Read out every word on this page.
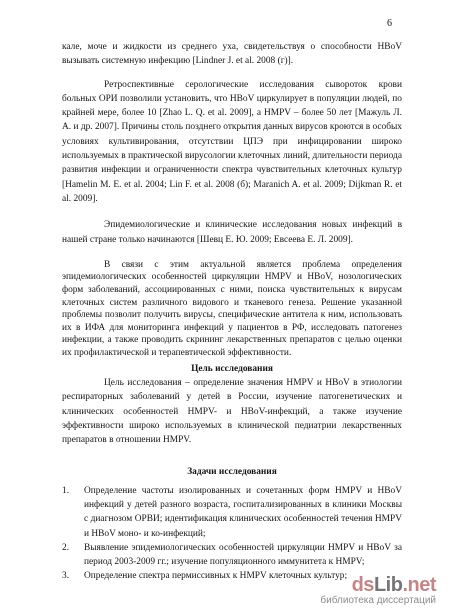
6

кале, моче и жидкости из среднего уха, свидетельствуя о способности HBoV вызывать системную инфекцию [Lindner J. et al. 2008 (г)].

Ретроспективные серологические исследования сывороток крови больных ОРИ позволили установить, что HBoV циркулирует в популяции людей, по крайней мере, более 10 [Zhao L. Q. et al. 2009], а HMPV – более 50 лет [Мажуль Л. А. и др. 2007]. Причины столь позднего открытия данных вирусов кроются в особых условиях культивирования, отсутствии ЦПЭ при инфицировании широко используемых в практической вирусологии клеточных линий, длительности периода развития инфекции и ограниченности спектра чувствительных клеточных культур [Hamelin M. E. et al. 2004; Lin F. et al. 2008 (б); Maranich A. et al. 2009; Dijkman R. et al. 2009].

Эпидемиологические и клинические исследования новых инфекций в нашей стране только начинаются [Шевц Е. Ю. 2009; Евсеева Е. Л. 2009].

В связи с этим актуальной является проблема определения эпидемиологических особенностей циркуляции HMPV и HBoV, нозологических форм заболеваний, ассоциированных с ними, поиска чувствительных к вирусам клеточных систем различного видового и тканевого генеза. Решение указанной проблемы позволит получить вирусы, специфические антитела к ним, использовать их в ИФА для мониторинга инфекций у пациентов в РФ, исследовать патогенез инфекции, а также проводить скрининг лекарственных препаратов с целью оценки их профилактической и терапевтической эффективности.

Цель исследования

Цель исследования – определение значения HMPV и HBoV в этиологии респираторных заболеваний у детей в России, изучение патогенетических и клинических особенностей HMPV- и HBoV-инфекций, а также изучение эффективности широко используемых в клинической педиатрии лекарственных препаратов в отношении HMPV.

Задачи исследования

1.	Определение частоты изолированных и сочетанных форм HMPV и HBoV инфекций у детей разного возраста, госпитализированных в клиники Москвы с диагнозом ОРВИ; идентификация клинических особенностей течения HMPV и HBoV моно- и ко-инфекций;
2.	Выявление эпидемиологических особенностей циркуляции HMPV и HBoV за период 2003-2009 гг.; изучение популяционного иммунитета к HMPV;
3.	Определение спектра пермиссивных к HMPV клеточных культур; dsLib.net
библиотека диссертаций
